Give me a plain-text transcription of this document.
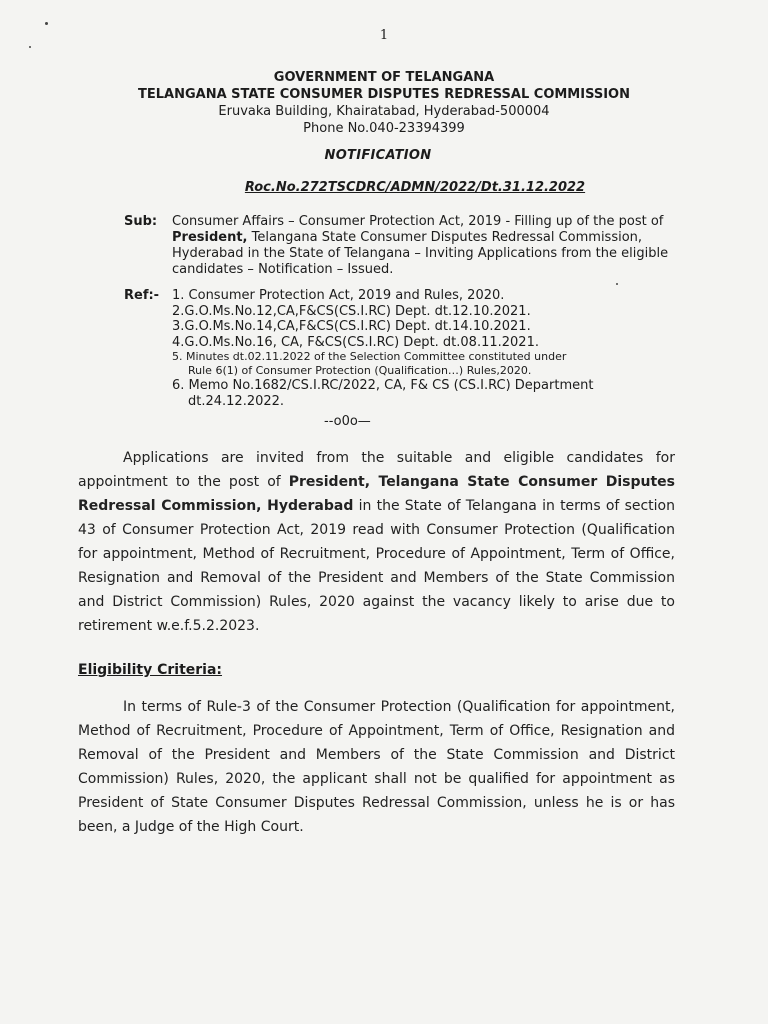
1
GOVERNMENT OF TELANGANA
TELANGANA STATE CONSUMER DISPUTES REDRESSAL COMMISSION
Eruvaka Building, Khairatabad, Hyderabad-500004
Phone No.040-23394399
NOTIFICATION
Roc.No.272TSCDRC/ADMN/2022/Dt.31.12.2022
Sub: Consumer Affairs – Consumer Protection Act, 2019 - Filling up of the post of President, Telangana State Consumer Disputes Redressal Commission, Hyderabad in the State of Telangana – Inviting Applications from the eligible candidates – Notification – Issued.
Ref:- 1. Consumer Protection Act, 2019 and Rules, 2020.
2.G.O.Ms.No.12,CA,F&CS(CS.I.RC) Dept. dt.12.10.2021.
3.G.O.Ms.No.14,CA,F&CS(CS.I.RC) Dept. dt.14.10.2021.
4.G.O.Ms.No.16, CA, F&CS(CS.I.RC) Dept. dt.08.11.2021.
5. Minutes dt.02.11.2022 of the Selection Committee constituted under
Rule 6(1) of Consumer Protection (Qualification…) Rules,2020.
6. Memo No.1682/CS.I.RC/2022, CA, F& CS (CS.I.RC) Department
dt.24.12.2022.
--o0o—
Applications are invited from the suitable and eligible candidates for appointment to the post of President, Telangana State Consumer Disputes Redressal Commission, Hyderabad in the State of Telangana in terms of section 43 of Consumer Protection Act, 2019 read with Consumer Protection (Qualification for appointment, Method of Recruitment, Procedure of Appointment, Term of Office, Resignation and Removal of the President and Members of the State Commission and District Commission) Rules, 2020 against the vacancy likely to arise due to retirement w.e.f.5.2.2023.
Eligibility Criteria:
In terms of Rule-3 of the Consumer Protection (Qualification for appointment, Method of Recruitment, Procedure of Appointment, Term of Office, Resignation and Removal of the President and Members of the State Commission and District Commission) Rules, 2020, the applicant shall not be qualified for appointment as President of State Consumer Disputes Redressal Commission, unless he is or has been, a Judge of the High Court.
